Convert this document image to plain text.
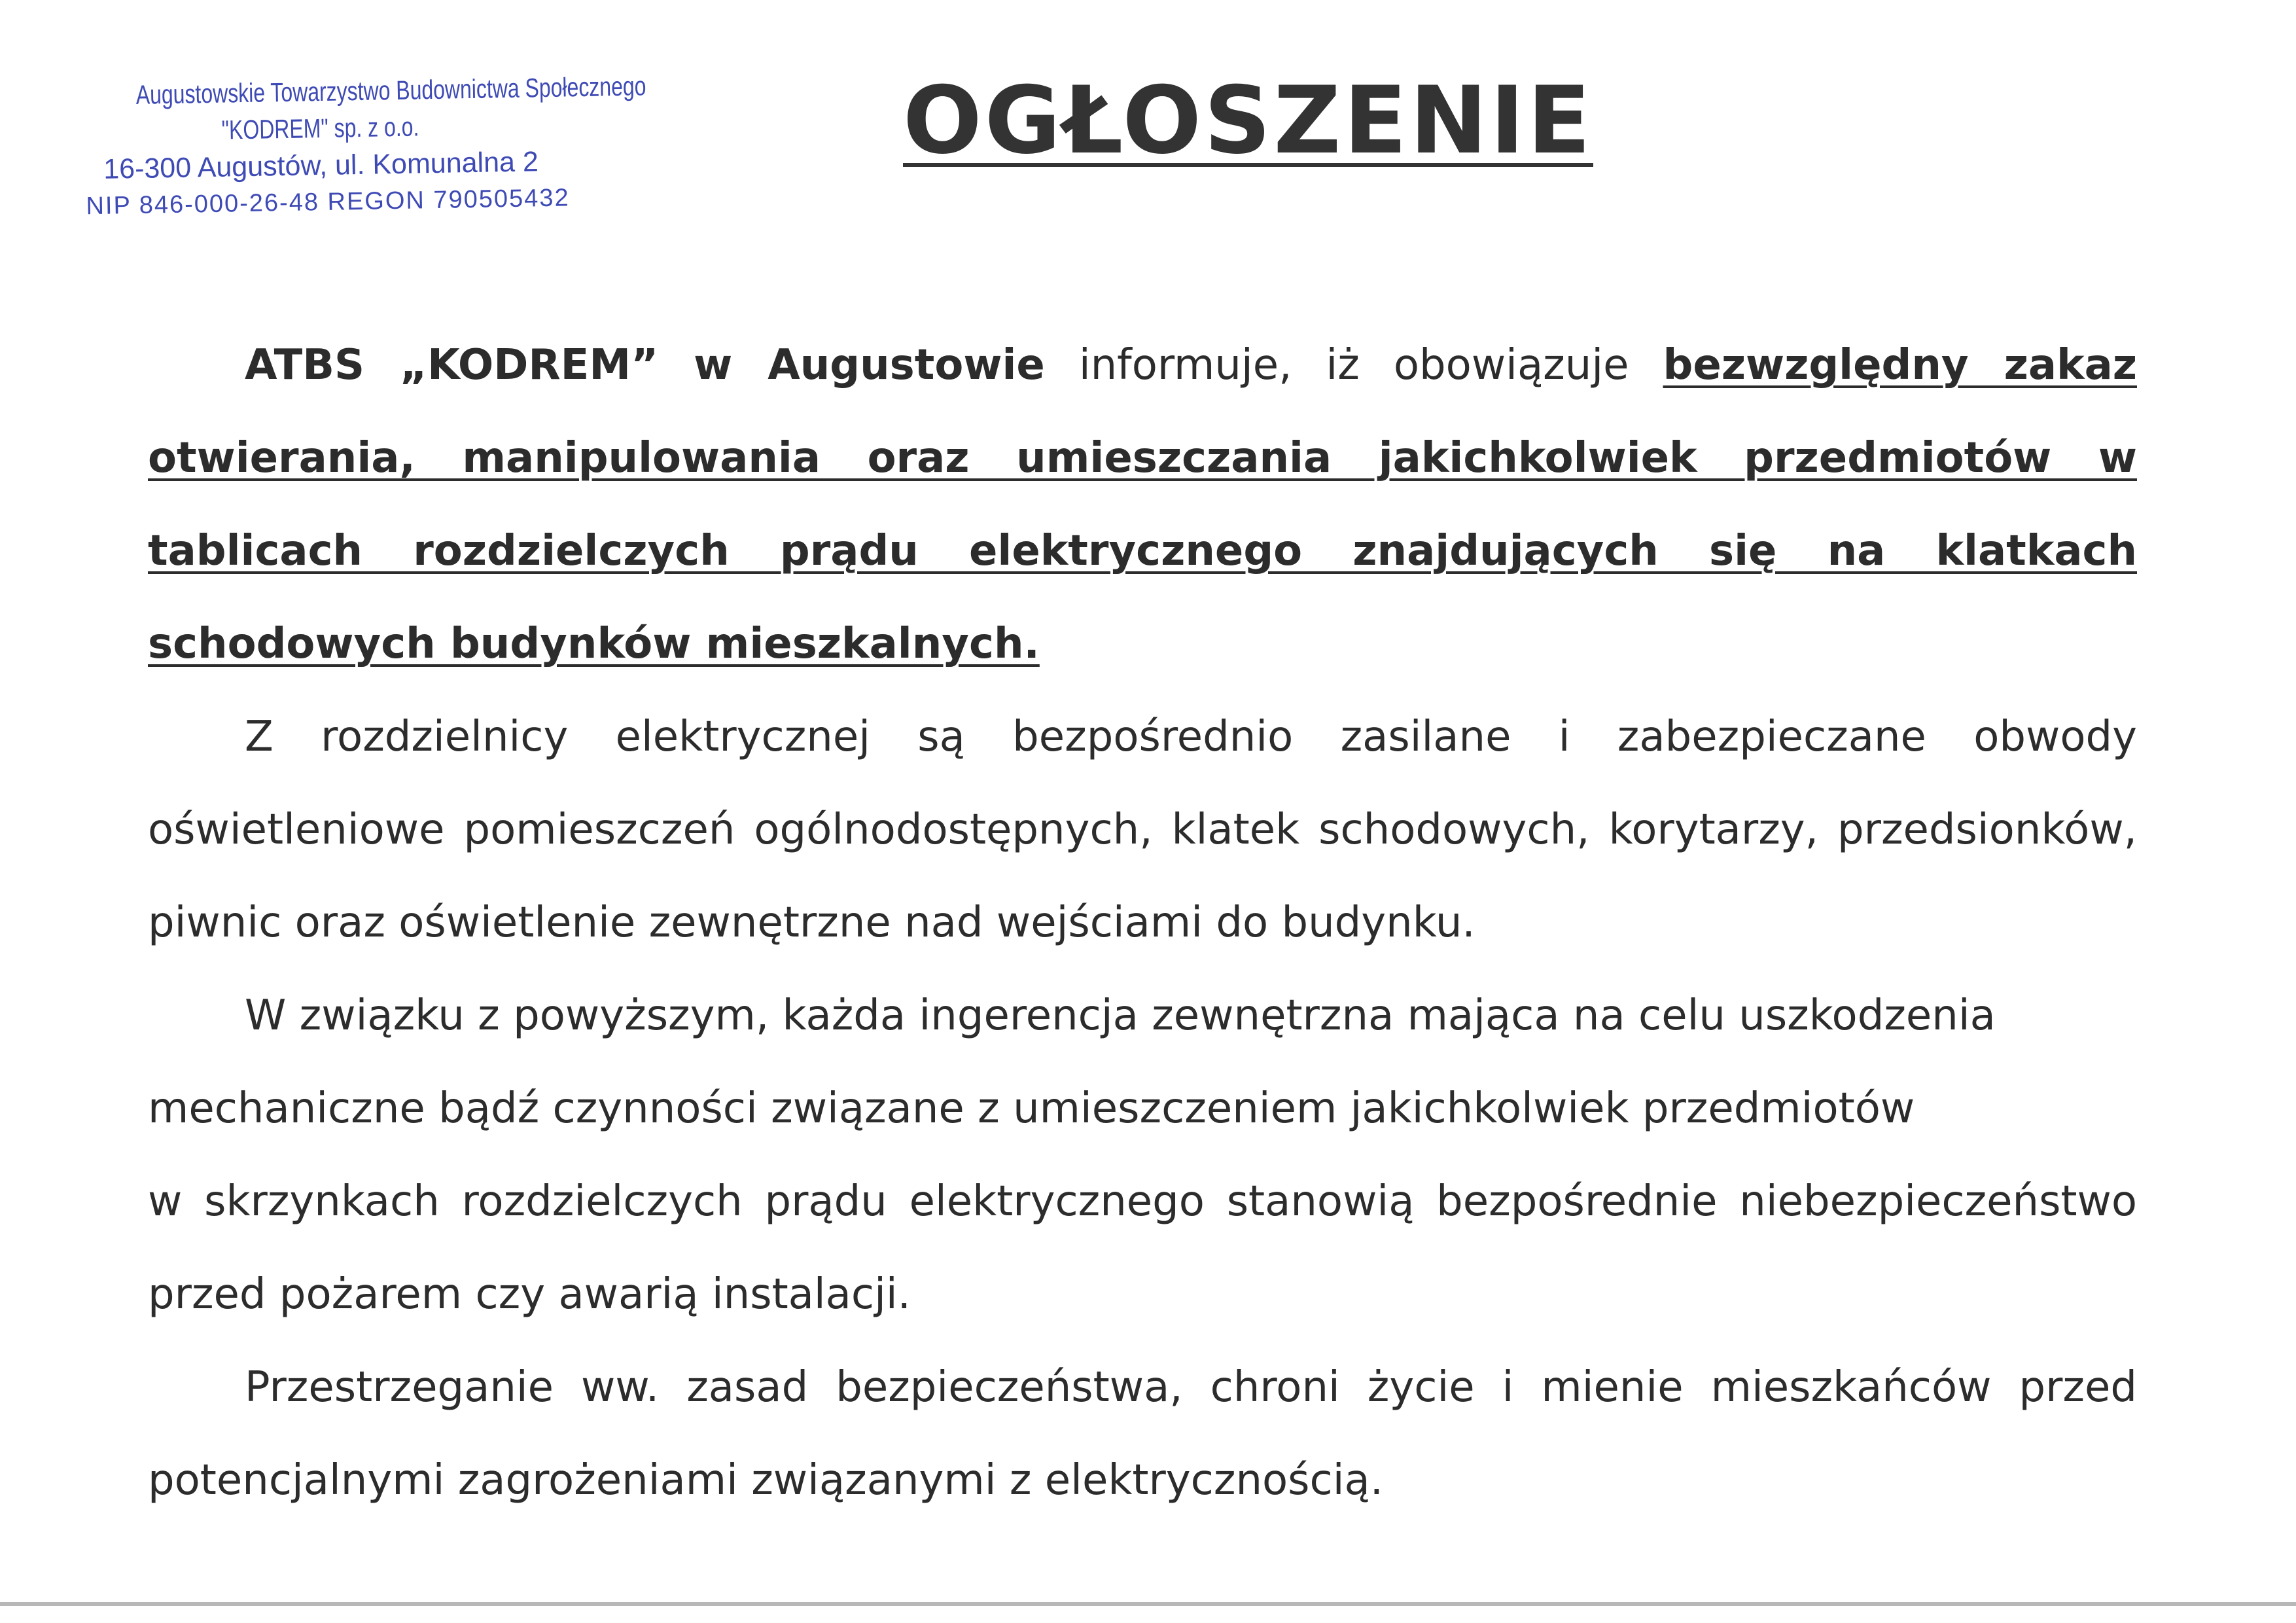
Augustowskie Towarzystwo Budownictwa Społecznego
"KODREM" sp. z o.o.
16-300 Augustów, ul. Komunalna 2
NIP 846-000-26-48 REGON 790505432
OGŁOSZENIE

ATBS „KODREM” w Augustowie informuje, iż obowiązuje bezwzględny zakaz otwierania, manipulowania oraz umieszczania jakichkolwiek przedmiotów w tablicach rozdzielczych prądu elektrycznego znajdujących się na klatkach schodowych budynków mieszkalnych.

Z rozdzielnicy elektrycznej są bezpośrednio zasilane i zabezpieczane obwody oświetleniowe pomieszczeń ogólnodostępnych, klatek schodowych, korytarzy, przedsionków, piwnic oraz oświetlenie zewnętrzne nad wejściami do budynku.

W związku z powyższym, każda ingerencja zewnętrzna mająca na celu uszkodzenia mechaniczne bądź czynności związane z umieszczeniem jakichkolwiek przedmiotów

w skrzynkach rozdzielczych prądu elektrycznego stanowią bezpośrednie niebezpieczeństwo przed pożarem czy awarią instalacji.

Przestrzeganie ww. zasad bezpieczeństwa, chroni życie i mienie mieszkańców przed potencjalnymi zagrożeniami związanymi z elektrycznością.
